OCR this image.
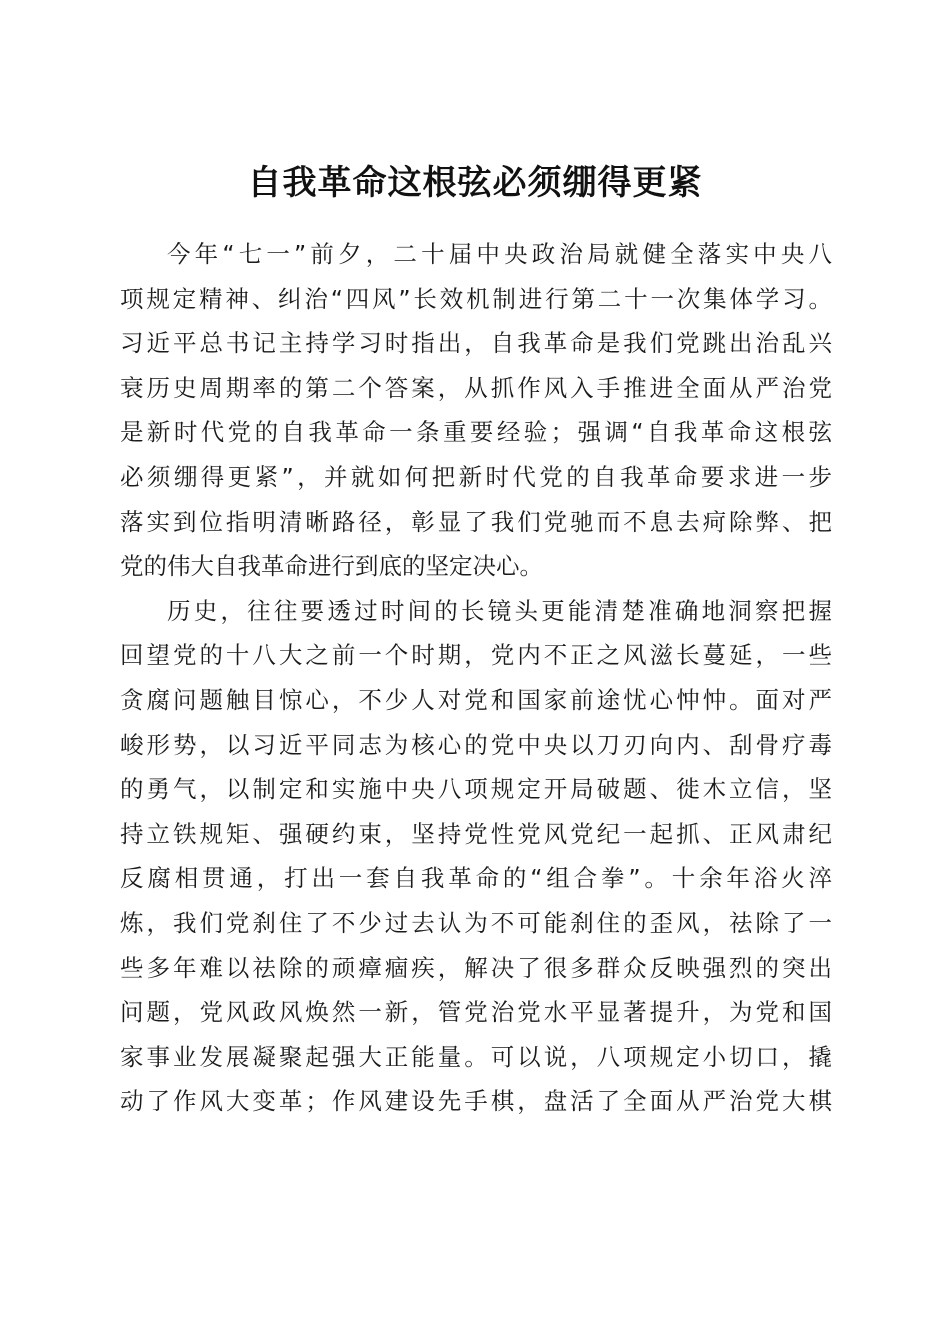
自我革命这根弦必须绷得更紧
今年“七一”前夕，二十届中央政治局就健全落实中央八
项规定精神、纠治“四风”长效机制进行第二十一次集体学习。
习近平总书记主持学习时指出，自我革命是我们党跳出治乱兴
衰历史周期率的第二个答案，从抓作风入手推进全面从严治党
是新时代党的自我革命一条重要经验；强调“自我革命这根弦
必须绷得更紧”，并就如何把新时代党的自我革命要求进一步
落实到位指明清晰路径，彰显了我们党驰而不息去疴除弊、把
党的伟大自我革命进行到底的坚定决心。
历史，往往要透过时间的长镜头更能清楚准确地洞察把握
回望党的十八大之前一个时期，党内不正之风滋长蔓延，一些
贪腐问题触目惊心，不少人对党和国家前途忧心忡忡。面对严
峻形势，以习近平同志为核心的党中央以刀刃向内、刮骨疗毒
的勇气，以制定和实施中央八项规定开局破题、徙木立信，坚
持立铁规矩、强硬约束，坚持党性党风党纪一起抓、正风肃纪
反腐相贯通，打出一套自我革命的“组合拳”。十余年浴火淬
炼，我们党刹住了不少过去认为不可能刹住的歪风，祛除了一
些多年难以祛除的顽瘴痼疾，解决了很多群众反映强烈的突出
问题，党风政风焕然一新，管党治党水平显著提升，为党和国
家事业发展凝聚起强大正能量。可以说，八项规定小切口，撬
动了作风大变革；作风建设先手棋，盘活了全面从严治党大棋
